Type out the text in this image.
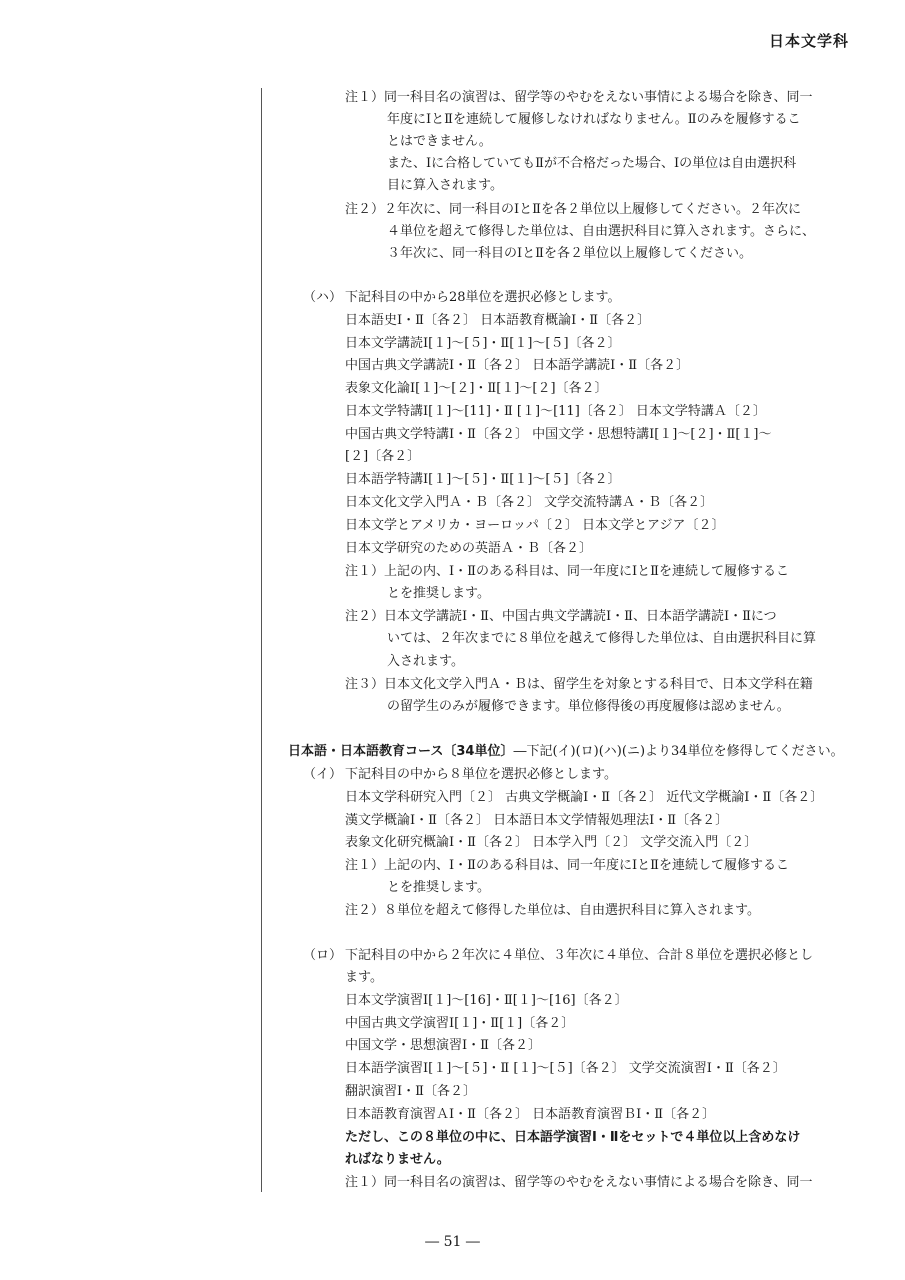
日本文学科
注１）同一科目名の演習は、留学等のやむをえない事情による場合を除き、同一
年度にⅠとⅡを連続して履修しなければなりません。Ⅱのみを履修するこ
とはできません。
また、Ⅰに合格していてもⅡが不合格だった場合、Ⅰの単位は自由選択科
目に算入されます。
注２）２年次に、同一科目のⅠとⅡを各２単位以上履修してください。２年次に
４単位を超えて修得した単位は、自由選択科目に算入されます。さらに、
３年次に、同一科目のⅠとⅡを各２単位以上履修してください。
（ハ） 下記科目の中から28単位を選択必修とします。
日本語史Ⅰ・Ⅱ〔各２〕 日本語教育概論Ⅰ・Ⅱ〔各２〕
日本文学講読Ⅰ[１]～[５]・Ⅱ[１]～[５]〔各２〕
中国古典文学講読Ⅰ・Ⅱ〔各２〕 日本語学講読Ⅰ・Ⅱ〔各２〕
表象文化論Ⅰ[１]～[２]・Ⅱ[１]～[２]〔各２〕
日本文学特講Ⅰ[１]～[11]・Ⅱ [１]～[11]〔各２〕 日本文学特講Ａ〔２〕
中国古典文学特講Ⅰ・Ⅱ〔各２〕 中国文学・思想特講Ⅰ[１]～[２]・Ⅱ[１]～
[２]〔各２〕
日本語学特講Ⅰ[１]～[５]・Ⅱ[１]～[５]〔各２〕
日本文化文学入門Ａ・Ｂ〔各２〕 文学交流特講Ａ・Ｂ〔各２〕
日本文学とアメリカ・ヨーロッパ〔２〕 日本文学とアジア〔２〕
日本文学研究のための英語Ａ・Ｂ〔各２〕
注１）上記の内、Ⅰ・Ⅱのある科目は、同一年度にⅠとⅡを連続して履修するこ
とを推奨します。
注２）日本文学講読Ⅰ・Ⅱ、中国古典文学講読Ⅰ・Ⅱ、日本語学講読Ⅰ・Ⅱにつ
いては、２年次までに８単位を越えて修得した単位は、自由選択科目に算
入されます。
注３）日本文化文学入門Ａ・Ｂは、留学生を対象とする科目で、日本文学科在籍
の留学生のみが履修できます。単位修得後の再度履修は認めません。
日本語・日本語教育コース〔34単位〕―下記(イ)(ロ)(ハ)(ニ)より34単位を修得してください。
（イ） 下記科目の中から８単位を選択必修とします。
日本文学科研究入門〔２〕 古典文学概論Ⅰ・Ⅱ〔各２〕 近代文学概論Ⅰ・Ⅱ〔各２〕
漢文学概論Ⅰ・Ⅱ〔各２〕 日本語日本文学情報処理法Ⅰ・Ⅱ〔各２〕
表象文化研究概論Ⅰ・Ⅱ〔各２〕 日本学入門〔２〕 文学交流入門〔２〕
注１）上記の内、Ⅰ・Ⅱのある科目は、同一年度にⅠとⅡを連続して履修するこ
とを推奨します。
注２）８単位を超えて修得した単位は、自由選択科目に算入されます。
（ロ） 下記科目の中から２年次に４単位、３年次に４単位、合計８単位を選択必修とし
ます。
日本文学演習Ⅰ[１]～[16]・Ⅱ[１]～[16]〔各２〕
中国古典文学演習Ⅰ[１]・Ⅱ[１]〔各２〕
中国文学・思想演習Ⅰ・Ⅱ〔各２〕
日本語学演習Ⅰ[１]～[５]・Ⅱ [１]～[５]〔各２〕 文学交流演習Ⅰ・Ⅱ〔各２〕
翻訳演習Ⅰ・Ⅱ〔各２〕
日本語教育演習ＡⅠ・Ⅱ〔各２〕 日本語教育演習ＢⅠ・Ⅱ〔各２〕
ただし、この８単位の中に、日本語学演習Ⅰ・Ⅱをセットで４単位以上含めなけ
ればなりません。
注１）同一科目名の演習は、留学等のやむをえない事情による場合を除き、同一
― 51 ―
